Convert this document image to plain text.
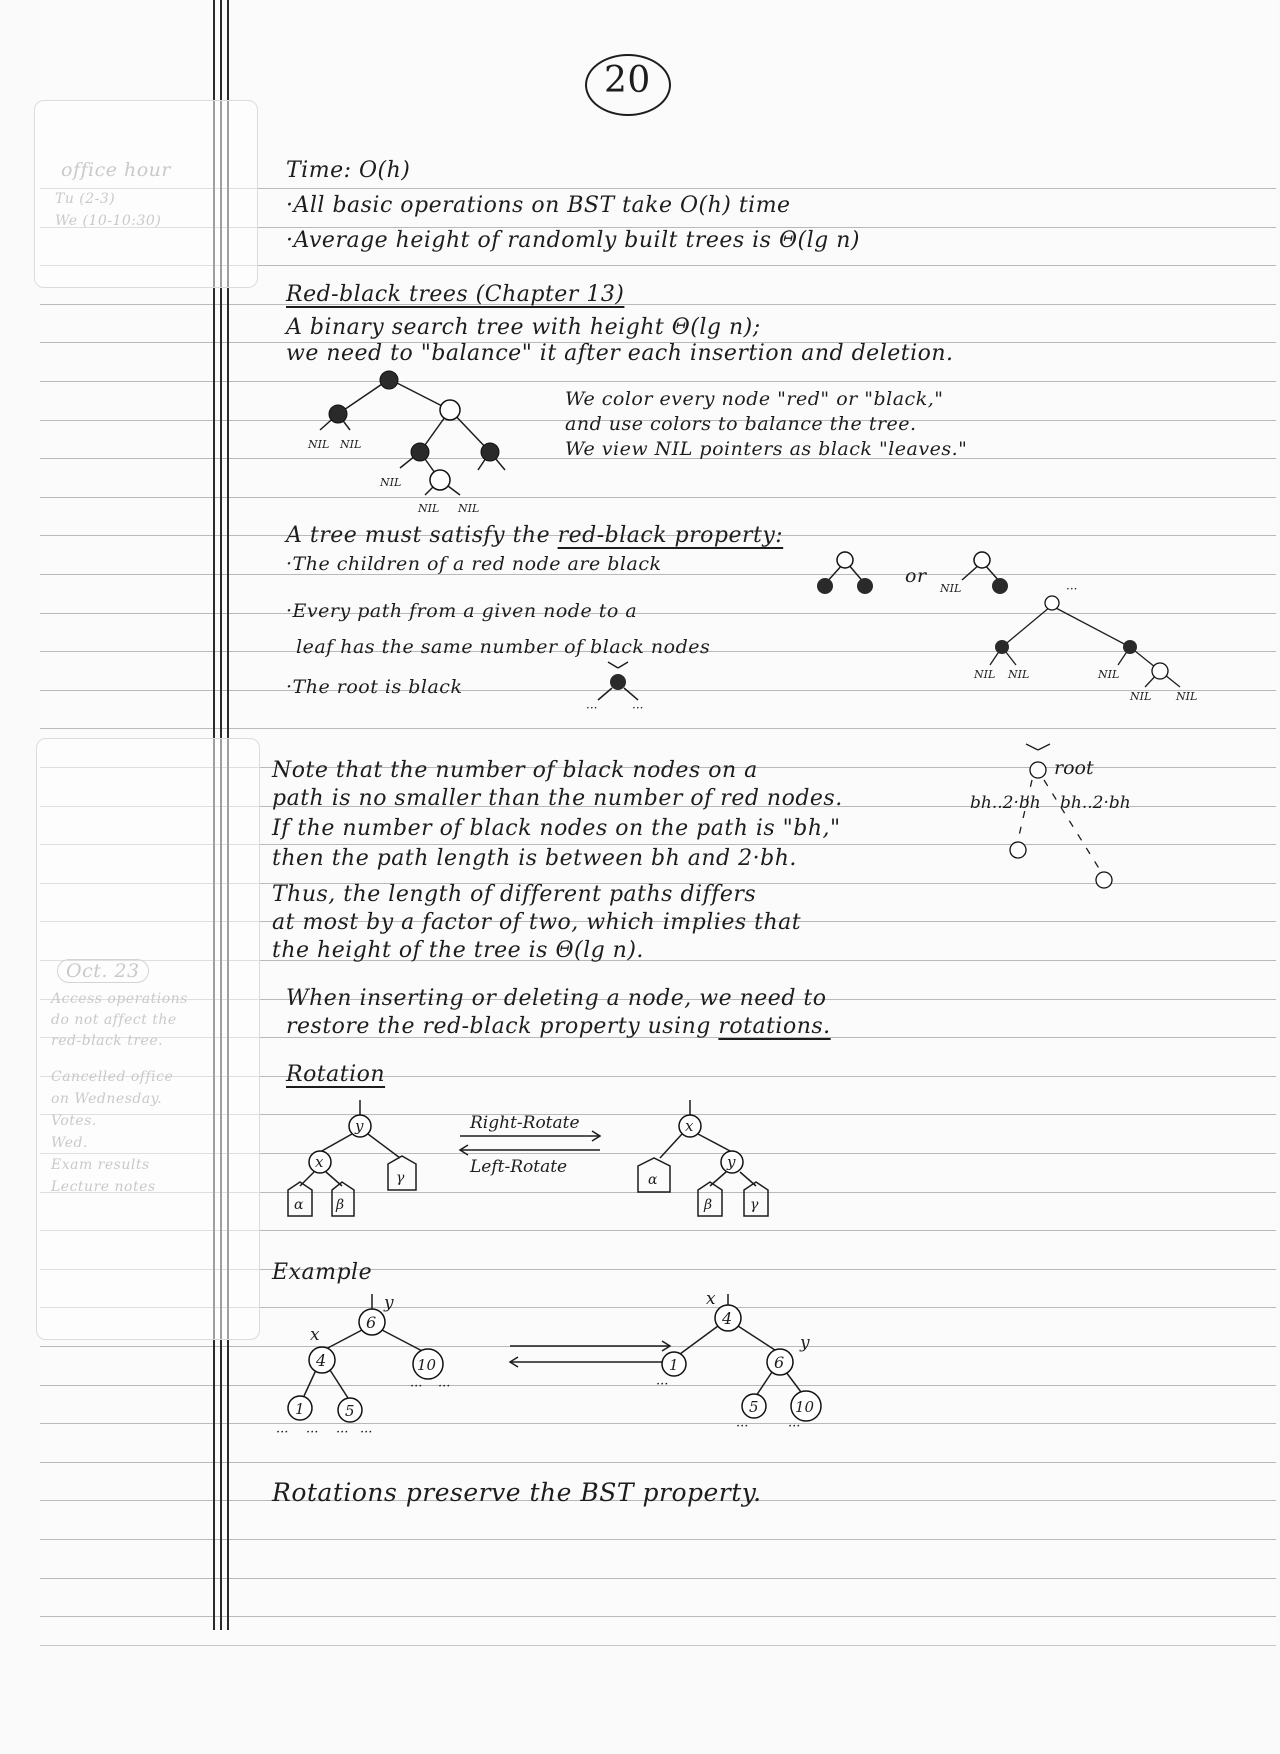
office hour
Tu (2-3)
We (10-10:30)
Oct. 23
Access operations
do not affect the
red-black tree.
Cancelled office
on Wednesday.
Votes.
Wed.
Exam results
Lecture notes
20
Time: O(h)
·All basic operations on BST take O(h) time
·Average height of randomly built trees is Θ(lg n)
Red-black trees (Chapter 13)
A binary search tree with height Θ(lg n);
we need to "balance" it after each insertion and deletion.
We color every node "red" or "black,"
and use colors to balance the tree.
We view NIL pointers as black "leaves."
NIL NIL
NIL
NIL NIL
A tree must satisfy the red-black property:
·The children of a red node are black
or
NIL
·Every path from a given node to a
leaf has the same number of black nodes
·The root is black
···	···
···
NIL NIL	NIL
NIL NIL
Note that the number of black nodes on a
path is no smaller than the number of red nodes.
If the number of black nodes on the path is "bh,"
then the path length is between bh and 2·bh.
Thus, the length of different paths differs
at most by a factor of two, which implies that
the height of the tree is Θ(lg n).
root
bh..2·bh bh..2·bh
When inserting or deleting a node, we need to
restore the red-black property using rotations.
Rotation
y
x
x
y
α β
γ	α
β	γ
Right-Rotate
Left-Rotate
Example
6
4	10
1	5
4
1	6
5 10
y
x
x
y
··· ···
··· ··· ··· ···
···
···	···
Rotations preserve the BST property.
